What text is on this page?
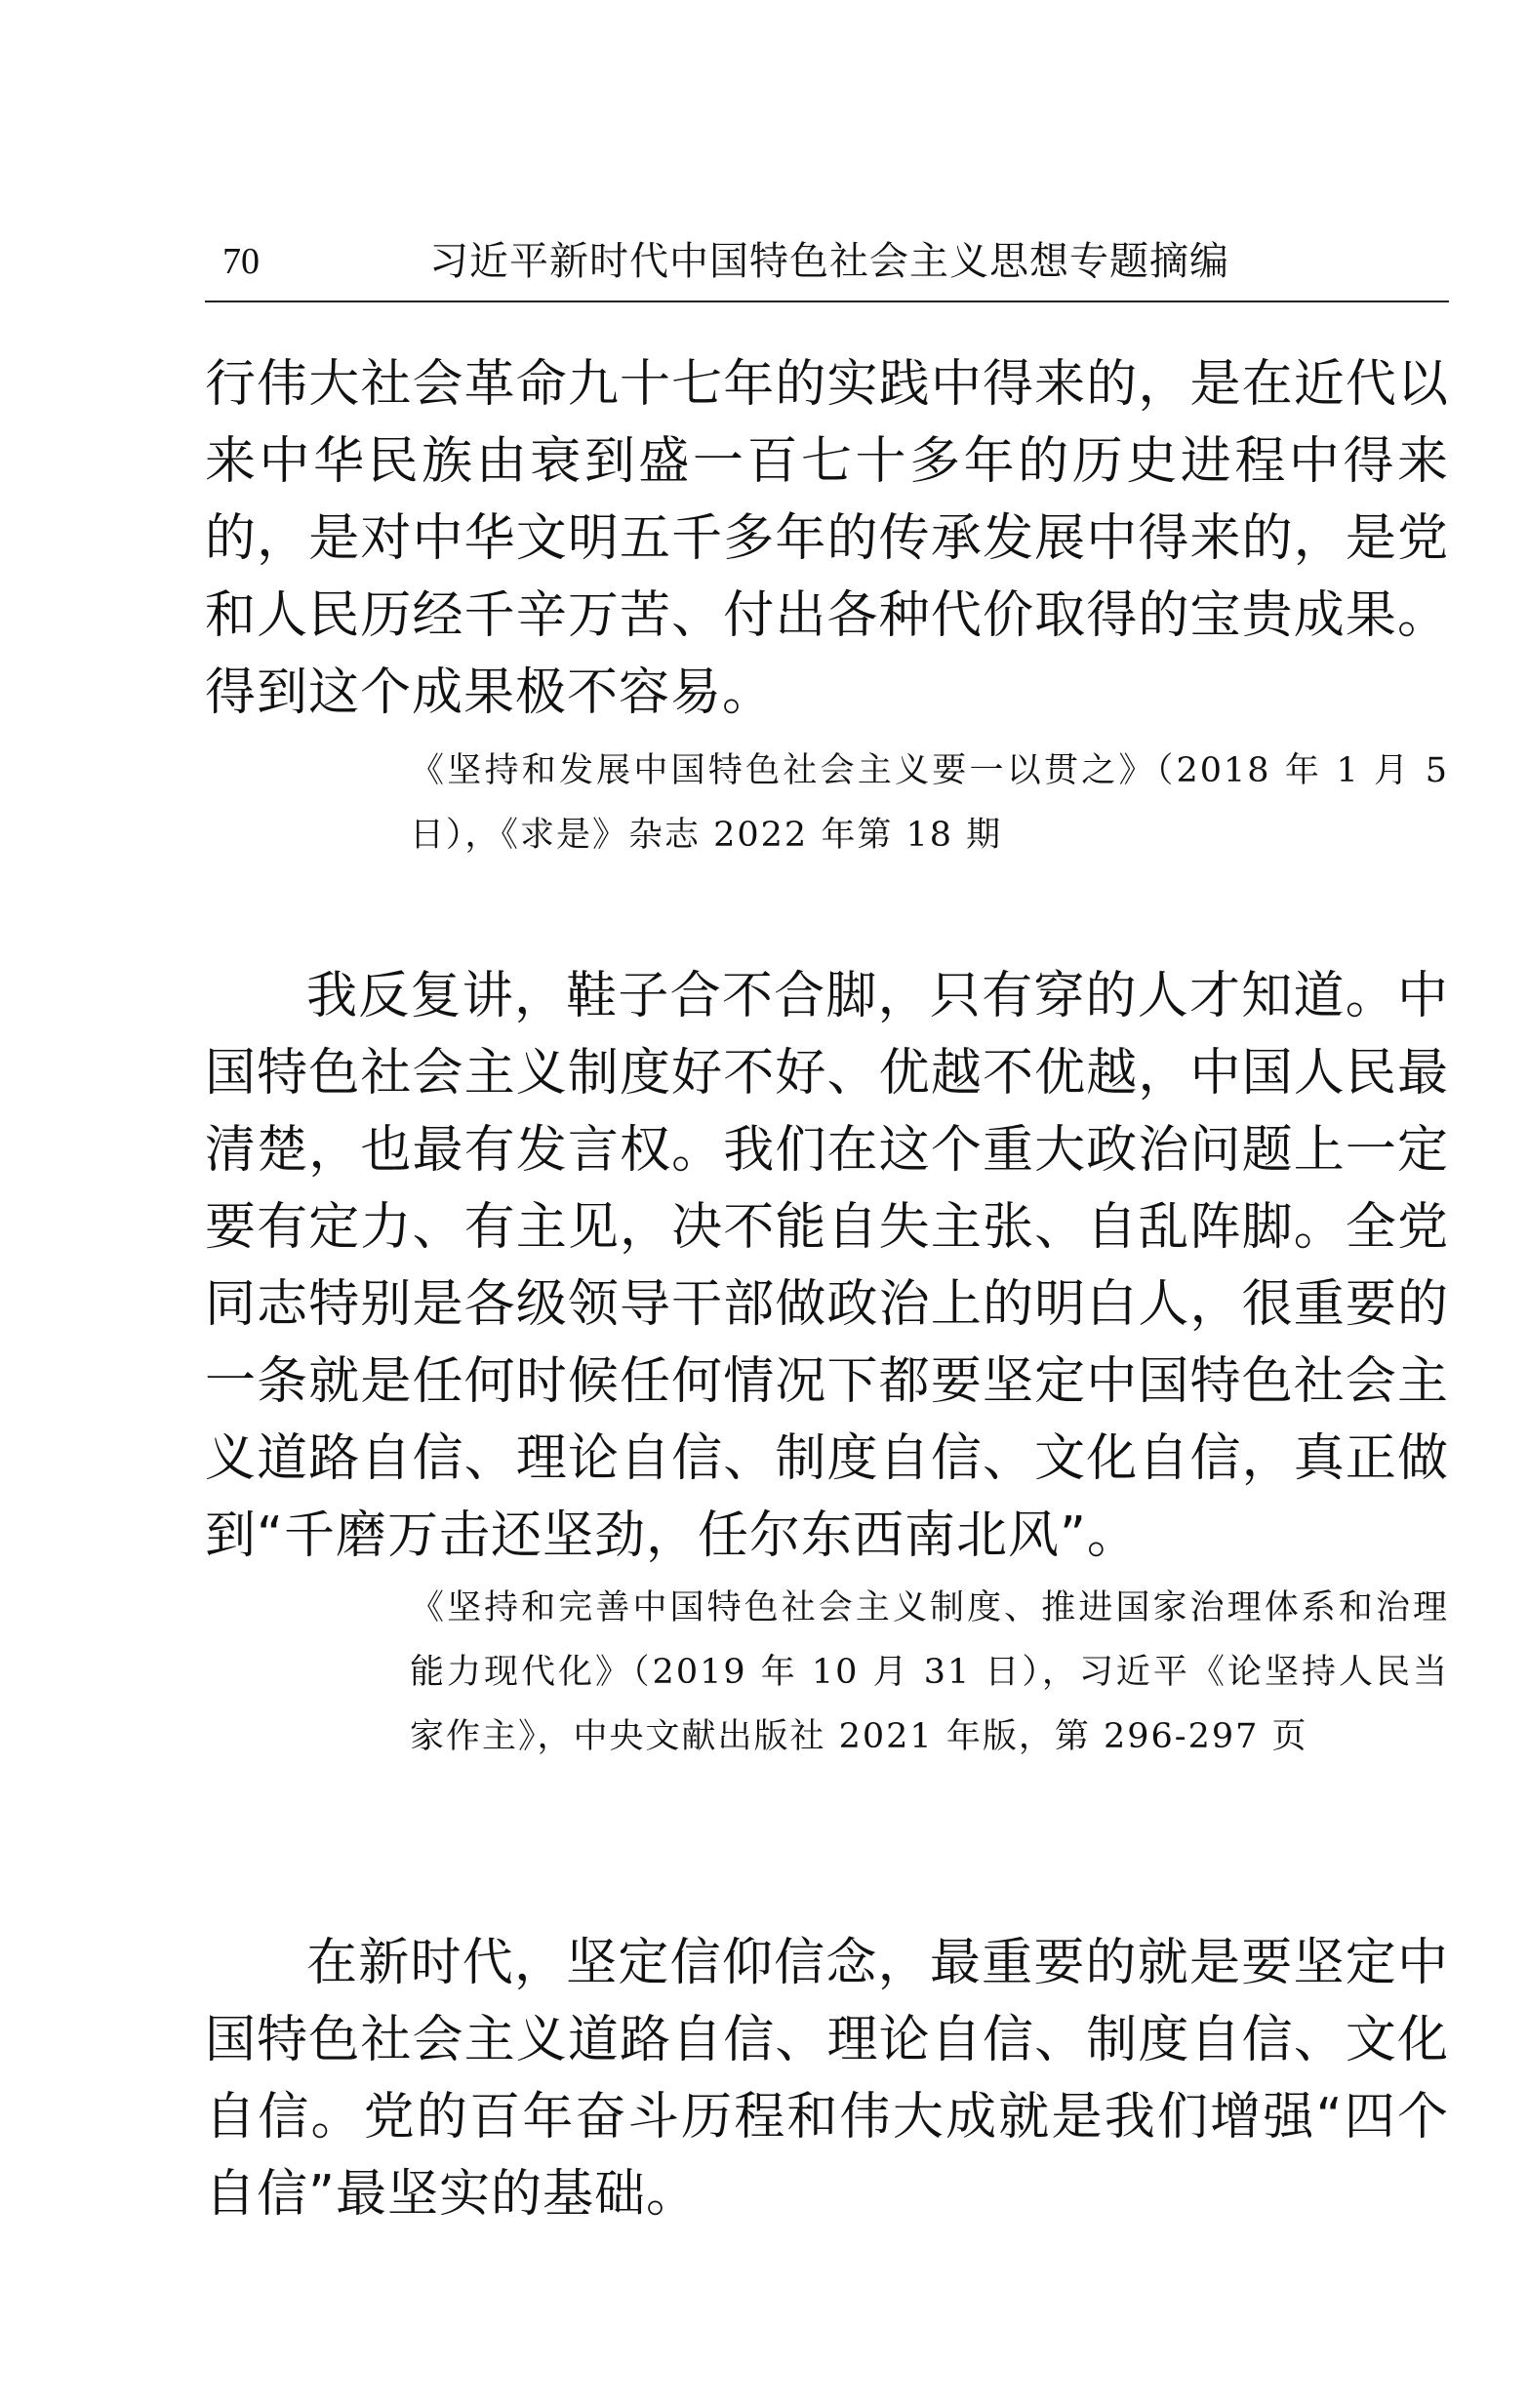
70	习近平新时代中国特色社会主义思想专题摘编

行伟大社会革命九十七年的实践中得来的，是在近代以来中华民族由衰到盛一百七十多年的历史进程中得来的，是对中华文明五千多年的传承发展中得来的，是党和人民历经千辛万苦、付出各种代价取得的宝贵成果。得到这个成果极不容易。

《坚持和发展中国特色社会主义要一以贯之》（2018 年 1 月 5 日），《求是》杂志 2022 年第 18 期

我反复讲，鞋子合不合脚，只有穿的人才知道。中国特色社会主义制度好不好、优越不优越，中国人民最清楚，也最有发言权。我们在这个重大政治问题上一定要有定力、有主见，决不能自失主张、自乱阵脚。全党同志特别是各级领导干部做政治上的明白人，很重要的一条就是任何时候任何情况下都要坚定中国特色社会主义道路自信、理论自信、制度自信、文化自信，真正做到“千磨万击还坚劲，任尔东西南北风”。

《坚持和完善中国特色社会主义制度、推进国家治理体系和治理能力现代化》（2019 年 10 月 31 日），习近平《论坚持人民当家作主》，中央文献出版社 2021 年版，第 296-297 页

在新时代，坚定信仰信念，最重要的就是要坚定中国特色社会主义道路自信、理论自信、制度自信、文化自信。党的百年奋斗历程和伟大成就是我们增强“四个自信”最坚实的基础。
